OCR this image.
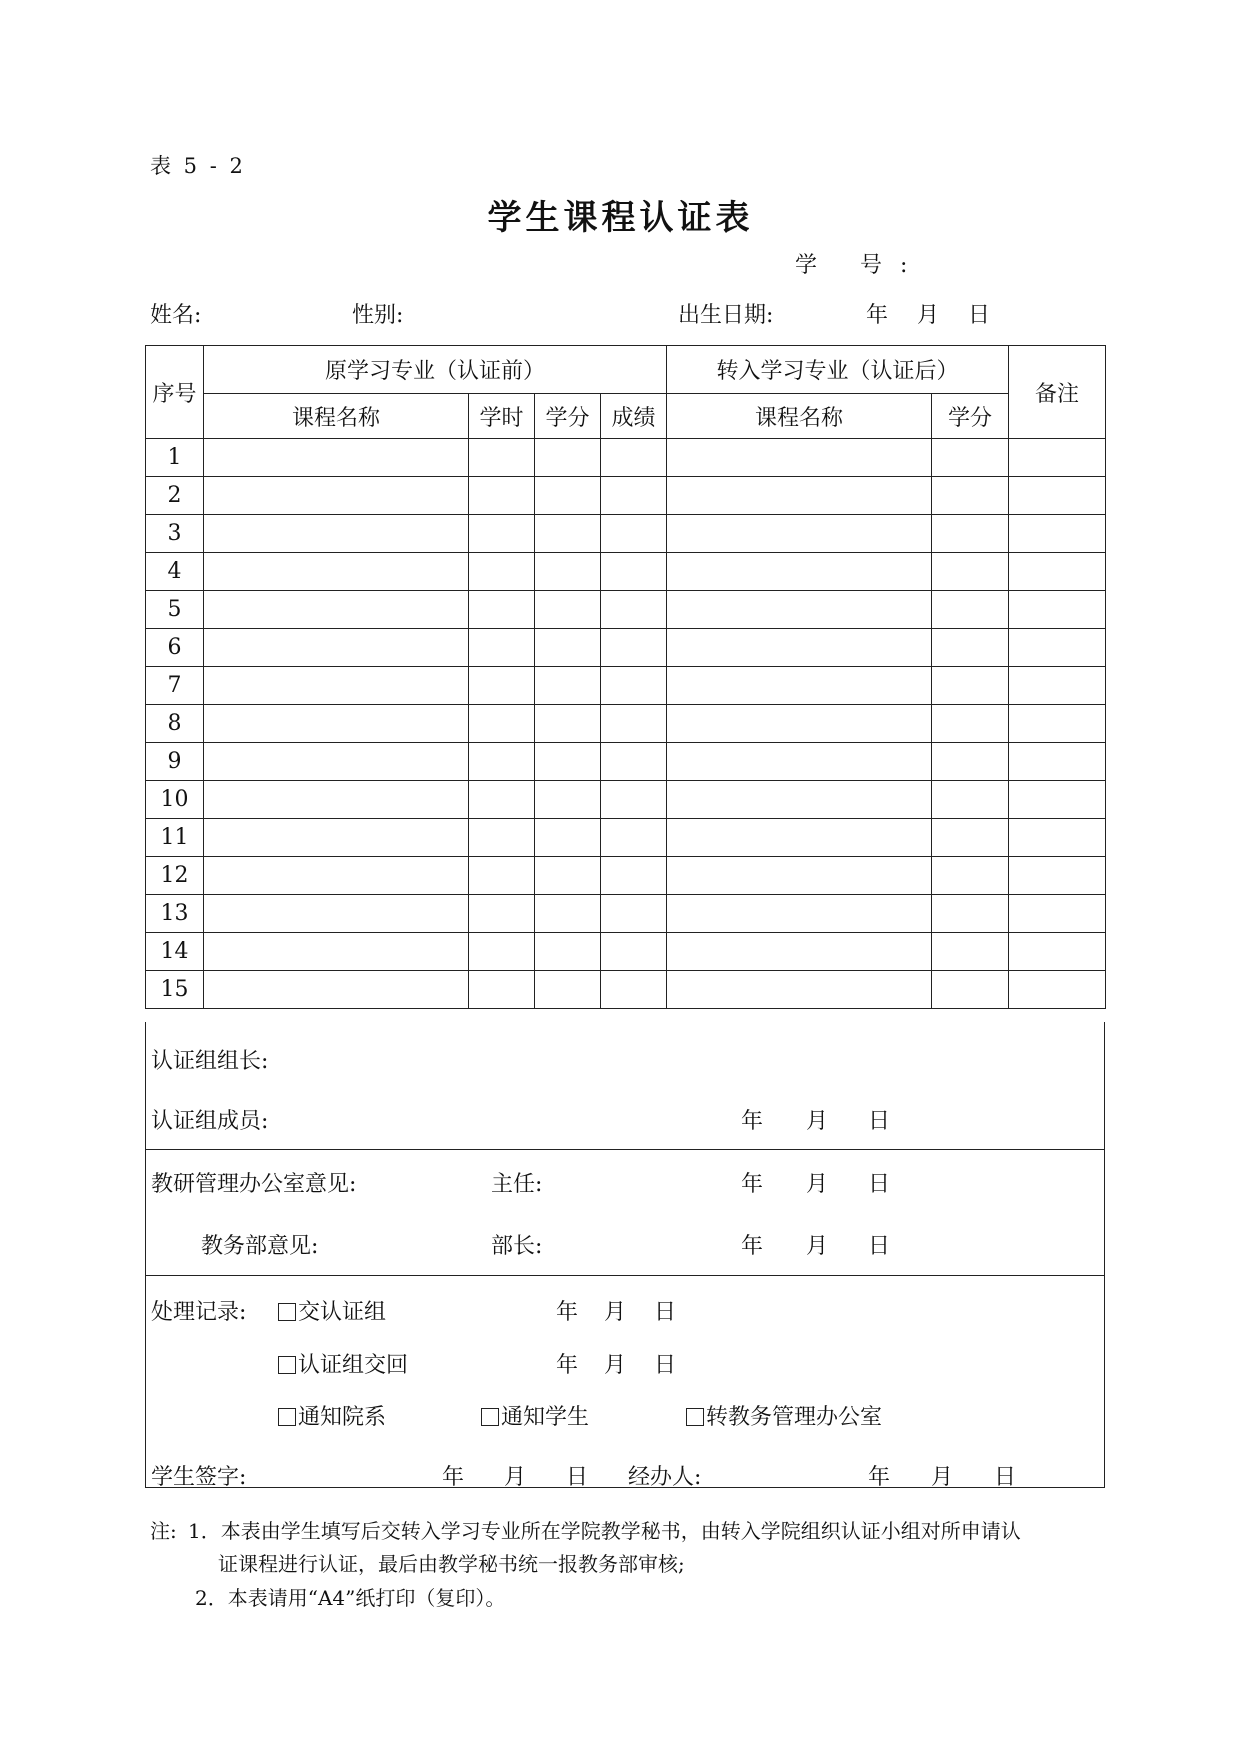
表 5 - 2
学生课程认证表
学 号:
姓名:	性别:	出生日期:	年 月 日
序号	原学习专业（认证前）				转入学习专业（认证后）		备注
	课程名称	学时	学分	成绩	课程名称	学分	
1							
2							
3							
4							
5							
6							
7							
8							
9							
10							
11							
12							
13							
14							
15							
认证组组长:
认证组成员:	年 月 日
教研管理办公室意见:	主任:	年 月 日
教务部意见:	部长:	年 月 日
处理记录:	交认证组	年 月 日
认证组交回	年 月 日
通知院系	通知学生	转教务管理办公室
学生签字:	年 月 日 经办人:	年 月 日
注: 1．本表由学生填写后交转入学习专业所在学院教学秘书，由转入学院组织认证小组对所申请认
证课程进行认证，最后由教学秘书统一报教务部审核;
2．本表请用“A4”纸打印（复印）。
